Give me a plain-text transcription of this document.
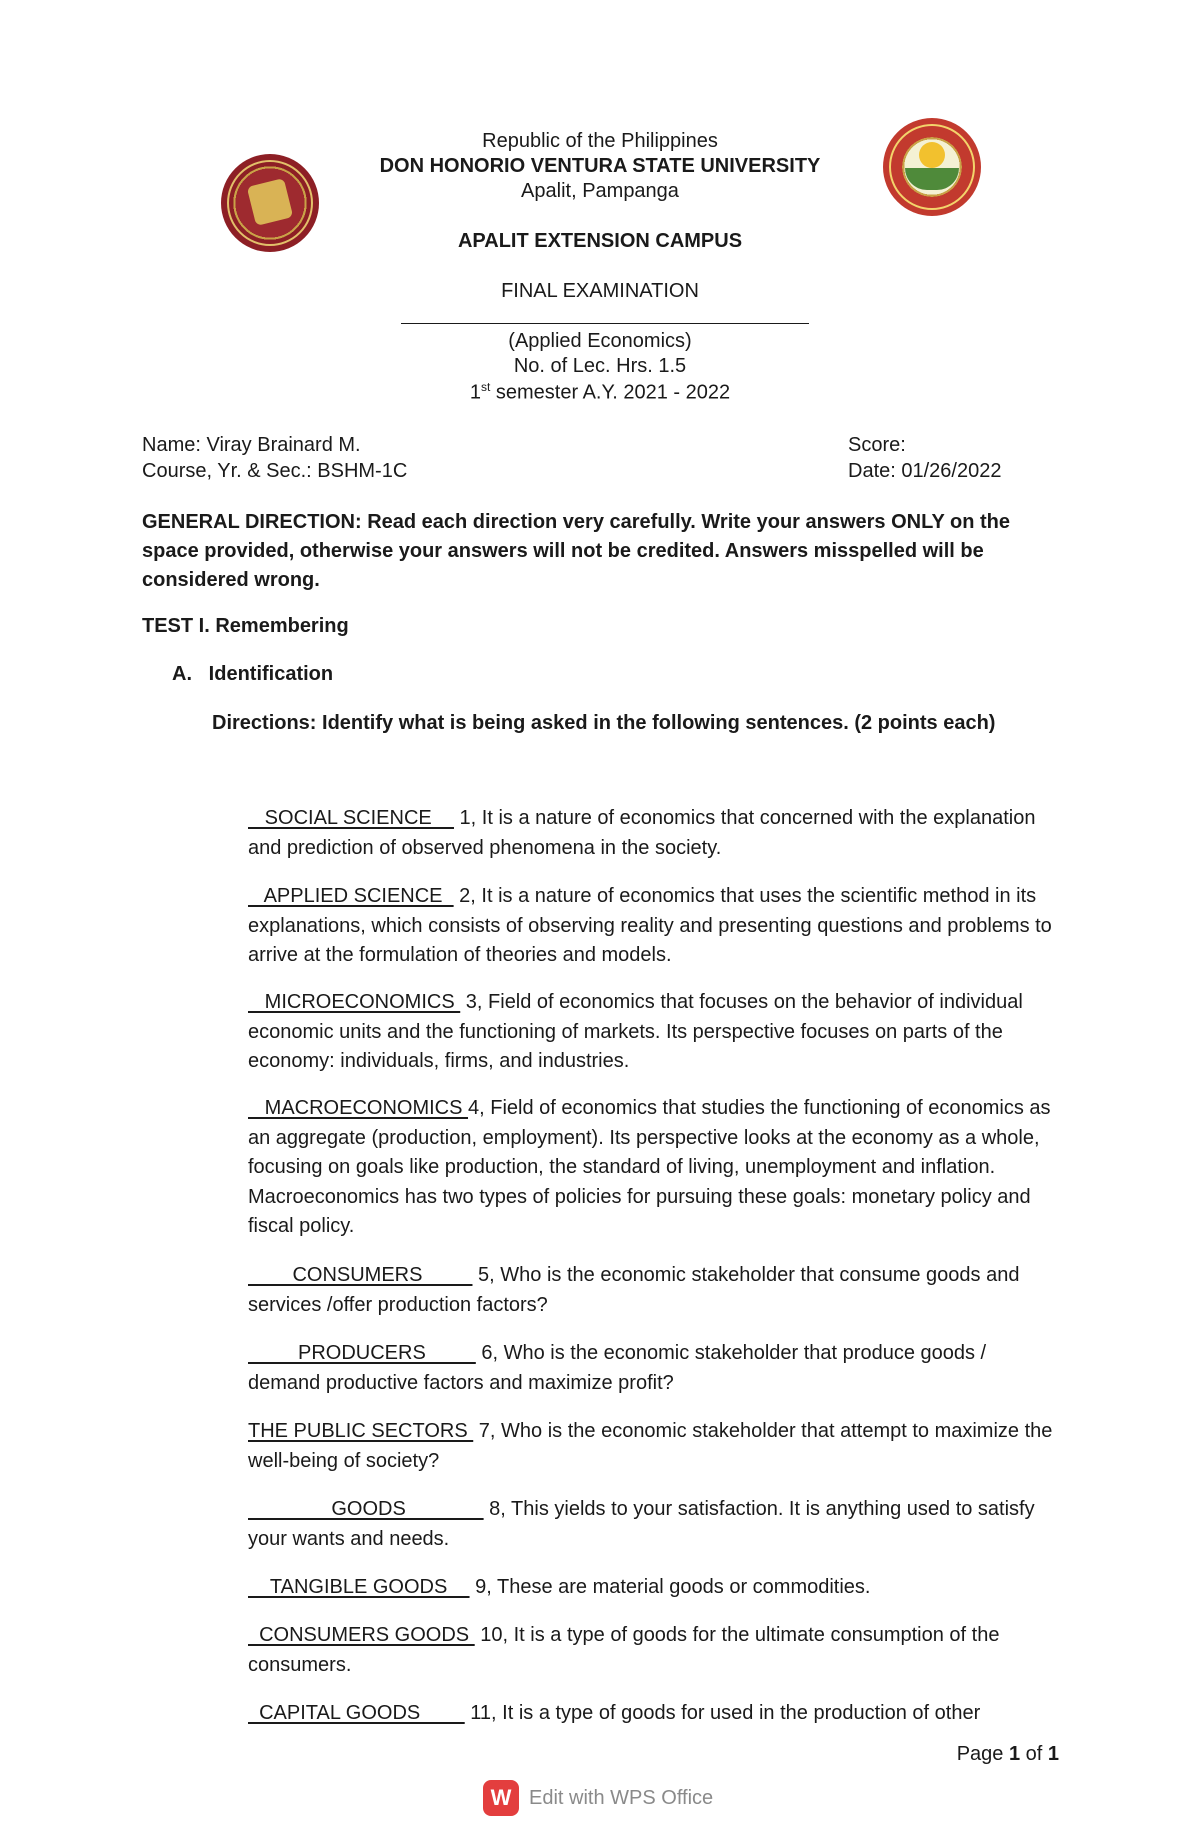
Republic of the Philippines
DON HONORIO VENTURA STATE UNIVERSITY
Apalit, Pampanga
APALIT EXTENSION CAMPUS
FINAL EXAMINATION
(Applied Economics)
No. of Lec. Hrs. 1.5
1st semester A.Y. 2021 - 2022
Name: Viray Brainard M.
Course, Yr. & Sec.: BSHM-1C
Score:
Date: 01/26/2022
GENERAL DIRECTION: Read each direction very carefully. Write your answers ONLY on the space provided, otherwise your answers will not be credited. Answers misspelled will be considered wrong.
TEST I. Remembering
A.   Identification
Directions: Identify what is being asked in the following sentences. (2 points each)
SOCIAL SCIENCE     1, It is a nature of economics that concerned with the explanation and prediction of observed phenomena in the society.
APPLIED SCIENCE   2, It is a nature of economics that uses the scientific method in its explanations, which consists of observing reality and presenting questions and problems to arrive at the formulation of theories and models.
MICROECONOMICS  3, Field of economics that focuses on the behavior of individual economic units and the functioning of markets. Its perspective focuses on parts of the economy: individuals, firms, and industries.
MACROECONOMICS 4, Field of economics that studies the functioning of economics as an aggregate (production, employment). Its perspective looks at the economy as a whole, focusing on goals like production, the standard of living, unemployment and inflation. Macroeconomics has two types of policies for pursuing these goals: monetary policy and fiscal policy.
CONSUMERS          5, Who is the economic stakeholder that consume goods and services /offer production factors?
PRODUCERS          6, Who is the economic stakeholder that produce goods / demand productive factors and maximize profit?
THE PUBLIC SECTORS  7, Who is the economic stakeholder that attempt to maximize the well-being of society?
GOODS               8, This yields to your satisfaction. It is anything used to satisfy your wants and needs.
TANGIBLE GOODS     9, These are material goods or commodities.
CONSUMERS GOODS  10, It is a type of goods for the ultimate consumption of the consumers.
CAPITAL GOODS         11, It is a type of goods for used in the production of other
Page 1 of 1
W Edit with WPS Office
